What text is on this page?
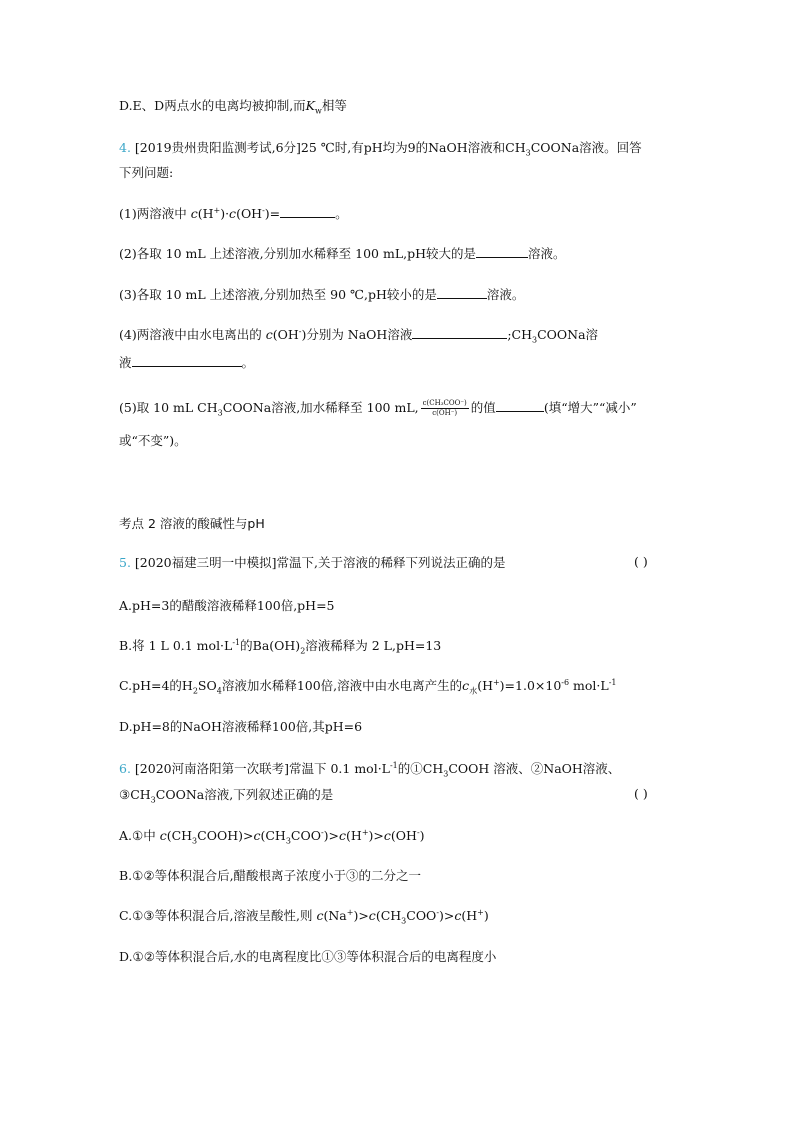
D.E、D两点水的电离均被抑制,而$K_w$相等
4. [2019贵州贵阳监测考试,6分]25 ℃时,有pH均为9的NaOH溶液和$CH_3COONa$溶液。回答
下列问题:
(1)两溶液中 c(H+)·c(OH-)=	。
(2)各取 10 mL 上述溶液,分别加水稀释至 100 mL,pH较大的是	溶液。
(3)各取 10 mL 上述溶液,分别加热至 90 ℃,pH较小的是	溶液。
(4)两溶液中由水电离出的 c(OH-)分别为 NaOH溶液	$;CH_3COONa$溶
液	。
(5)取 10 mL $CH_3COONa$溶液,加水稀释至 100 mL, $\frac{\text{c(CH₃COO⁻)}}{c(OH^-)}$ 的值	(填“增大”“减小”
或“不变”)。
考点 2 溶液的酸碱性与pH
5. [2020福建三明一中模拟]常温下,关于溶液的稀释下列说法正确的是	( )
A.pH=3的醋酸溶液稀释100倍,pH=5
B.将 1 L 0.1 $mol\cdot L^{-1}$的$Ba(OH)_2$溶液稀释为 2 L,pH=13
C.pH=4的$H_2SO_4$溶液加水稀释100倍,溶液中由水电离产生的$c_水(H^+)=1.0\times 10^{-6}$ $mol\cdot L^{-1}$
D.pH=8的NaOH溶液稀释100倍,其pH=6
6. [2020河南洛阳第一次联考]常温下 0.1 $mol\cdot L^{-1}$的$①CH_3COOH$ 溶液、②NaOH溶液、
$③CH_3COONa$溶液,下列叙述正确的是	( )
A.①中 $c(CH_3COOH)>c(CH_3COO^-)>c(H^+)>c(OH^-)$
B.①②等体积混合后,醋酸根离子浓度小于③的二分之一
C.①③等体积混合后,溶液呈酸性,则 $c(Na^+)>c(CH_3COO^-)>c(H^+)$
D.①②等体积混合后,水的电离程度比①③等体积混合后的电离程度小
